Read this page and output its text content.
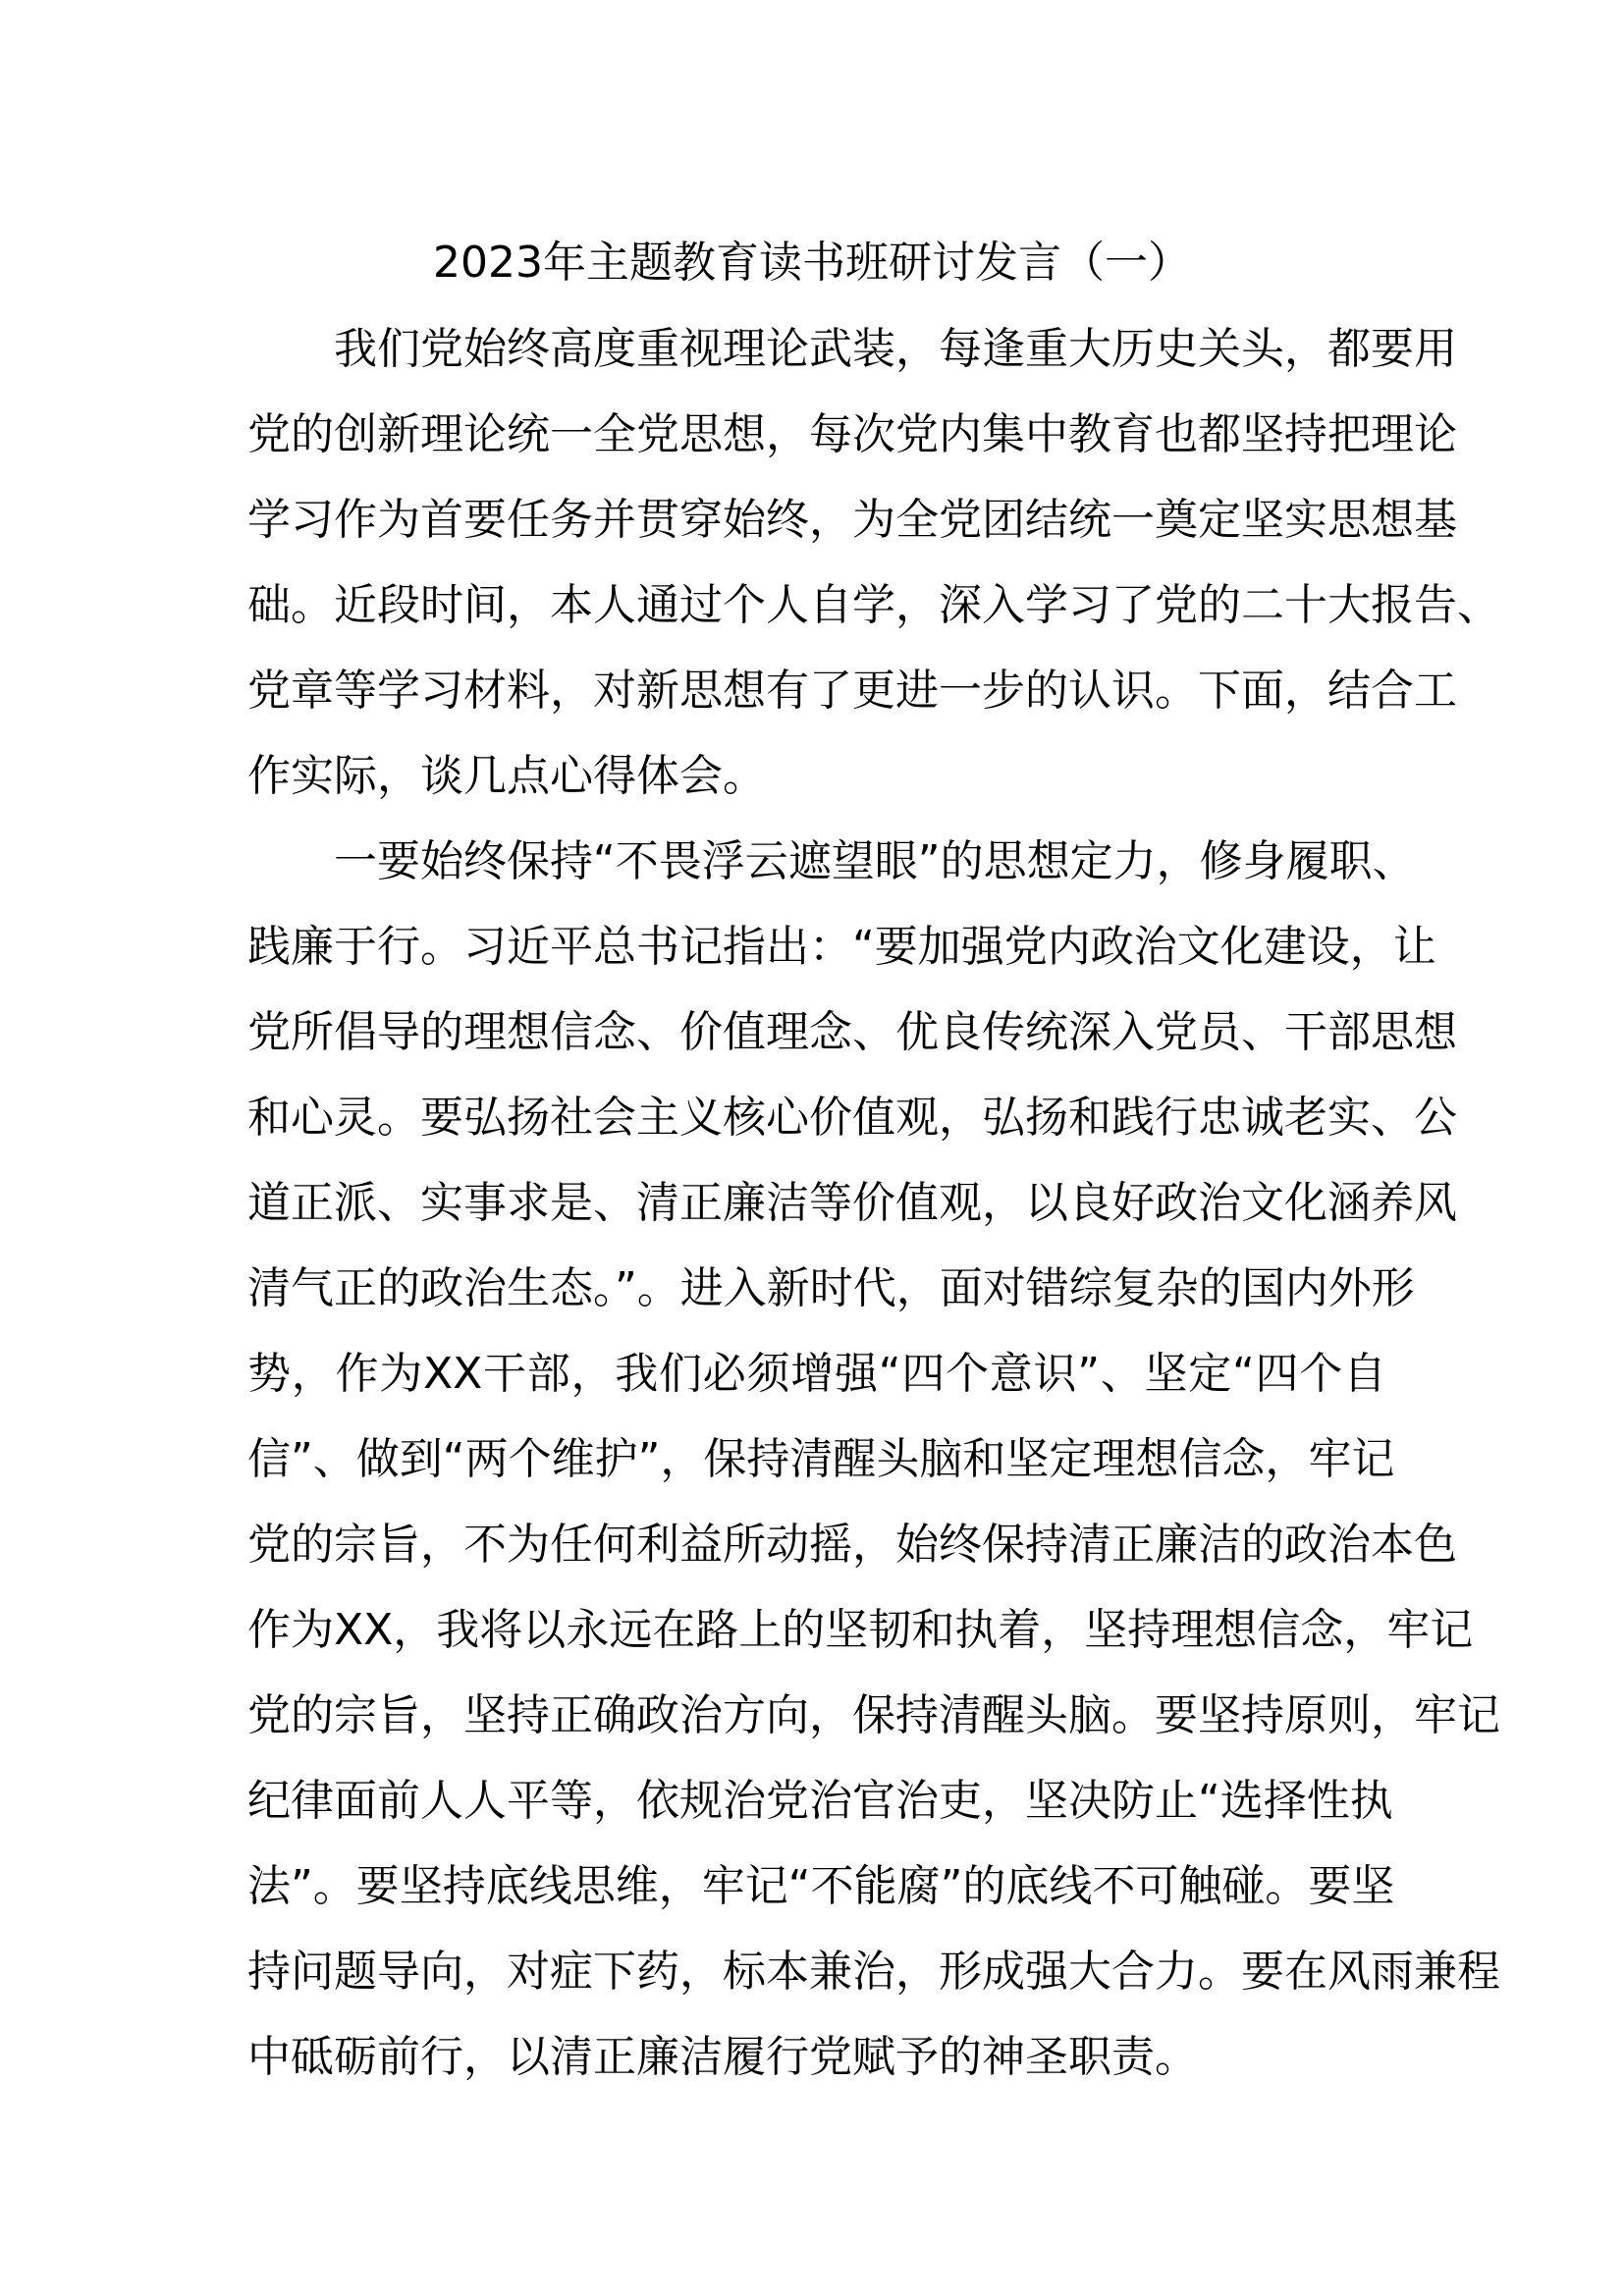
2023年主题教育读书班研讨发言（一）
我们党始终高度重视理论武装，每逢重大历史关头，都要用
党的创新理论统一全党思想，每次党内集中教育也都坚持把理论
学习作为首要任务并贯穿始终，为全党团结统一奠定坚实思想基
础。近段时间，本人通过个人自学，深入学习了党的二十大报告、
党章等学习材料，对新思想有了更进一步的认识。下面，结合工
作实际，谈几点心得体会。
一要始终保持“不畏浮云遮望眼”的思想定力，修身履职、
践廉于行。习近平总书记指出：“要加强党内政治文化建设，让
党所倡导的理想信念、价值理念、优良传统深入党员、干部思想
和心灵。要弘扬社会主义核心价值观，弘扬和践行忠诚老实、公
道正派、实事求是、清正廉洁等价值观，以良好政治文化涵养风
清气正的政治生态。”。进入新时代，面对错综复杂的国内外形
势，作为XX干部，我们必须增强“四个意识”、坚定“四个自
信”、做到“两个维护”，保持清醒头脑和坚定理想信念，牢记
党的宗旨，不为任何利益所动摇，始终保持清正廉洁的政治本色
作为XX，我将以永远在路上的坚韧和执着，坚持理想信念，牢记
党的宗旨，坚持正确政治方向，保持清醒头脑。要坚持原则，牢记
纪律面前人人平等，依规治党治官治吏，坚决防止“选择性执
法”。要坚持底线思维，牢记“不能腐”的底线不可触碰。要坚
持问题导向，对症下药，标本兼治，形成强大合力。要在风雨兼程
中砥砺前行，以清正廉洁履行党赋予的神圣职责。
